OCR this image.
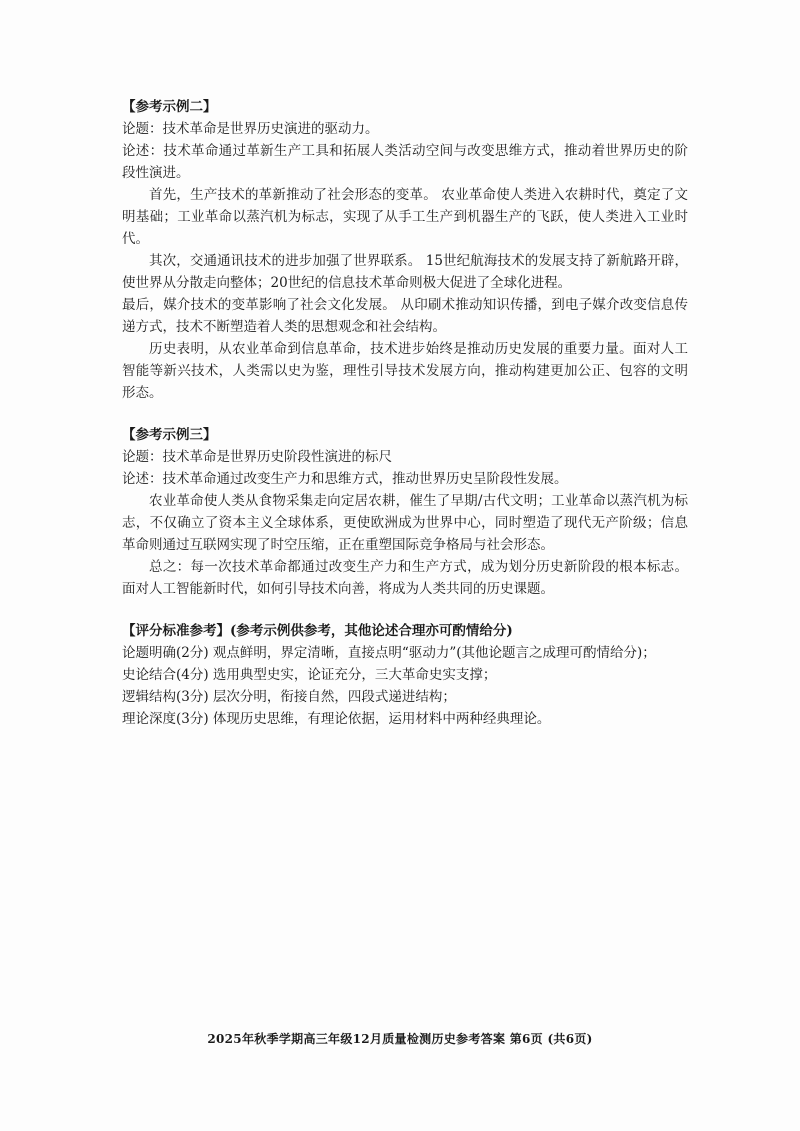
【参考示例二】

论题：技术革命是世界历史演进的驱动力。

论述：技术革命通过革新生产工具和拓展人类活动空间与改变思维方式，推动着世界历史的阶段性演进。

首先，生产技术的革新推动了社会形态的变革。 农业革命使人类进入农耕时代，奠定了文明基础；工业革命以蒸汽机为标志，实现了从手工生产到机器生产的飞跃，使人类进入工业时代。

其次，交通通讯技术的进步加强了世界联系。 15世纪航海技术的发展支持了新航路开辟，使世界从分散走向整体；20世纪的信息技术革命则极大促进了全球化进程。

最后，媒介技术的变革影响了社会文化发展。 从印刷术推动知识传播，到电子媒介改变信息传递方式，技术不断塑造着人类的思想观念和社会结构。

历史表明，从农业革命到信息革命，技术进步始终是推动历史发展的重要力量。面对人工智能等新兴技术，人类需以史为鉴，理性引导技术发展方向，推动构建更加公正、包容的文明形态。

【参考示例三】

论题：技术革命是世界历史阶段性演进的标尺

论述：技术革命通过改变生产力和思维方式，推动世界历史呈阶段性发展。

农业革命使人类从食物采集走向定居农耕，催生了早期/古代文明；工业革命以蒸汽机为标志，不仅确立了资本主义全球体系，更使欧洲成为世界中心，同时塑造了现代无产阶级；信息革命则通过互联网实现了时空压缩，正在重塑国际竞争格局与社会形态。

总之：每一次技术革命都通过改变生产力和生产方式，成为划分历史新阶段的根本标志。面对人工智能新时代，如何引导技术向善，将成为人类共同的历史课题。

【评分标准参考】(参考示例供参考，其他论述合理亦可酌情给分)

论题明确(2分) 观点鲜明，界定清晰，直接点明“驱动力”(其他论题言之成理可酌情给分)；

史论结合(4分) 选用典型史实，论证充分，三大革命史实支撑；

逻辑结构(3分) 层次分明，衔接自然，四段式递进结构；

理论深度(3分) 体现历史思维，有理论依据，运用材料中两种经典理论。

2025年秋季学期高三年级12月质量检测历史参考答案 第6页 (共6页)
